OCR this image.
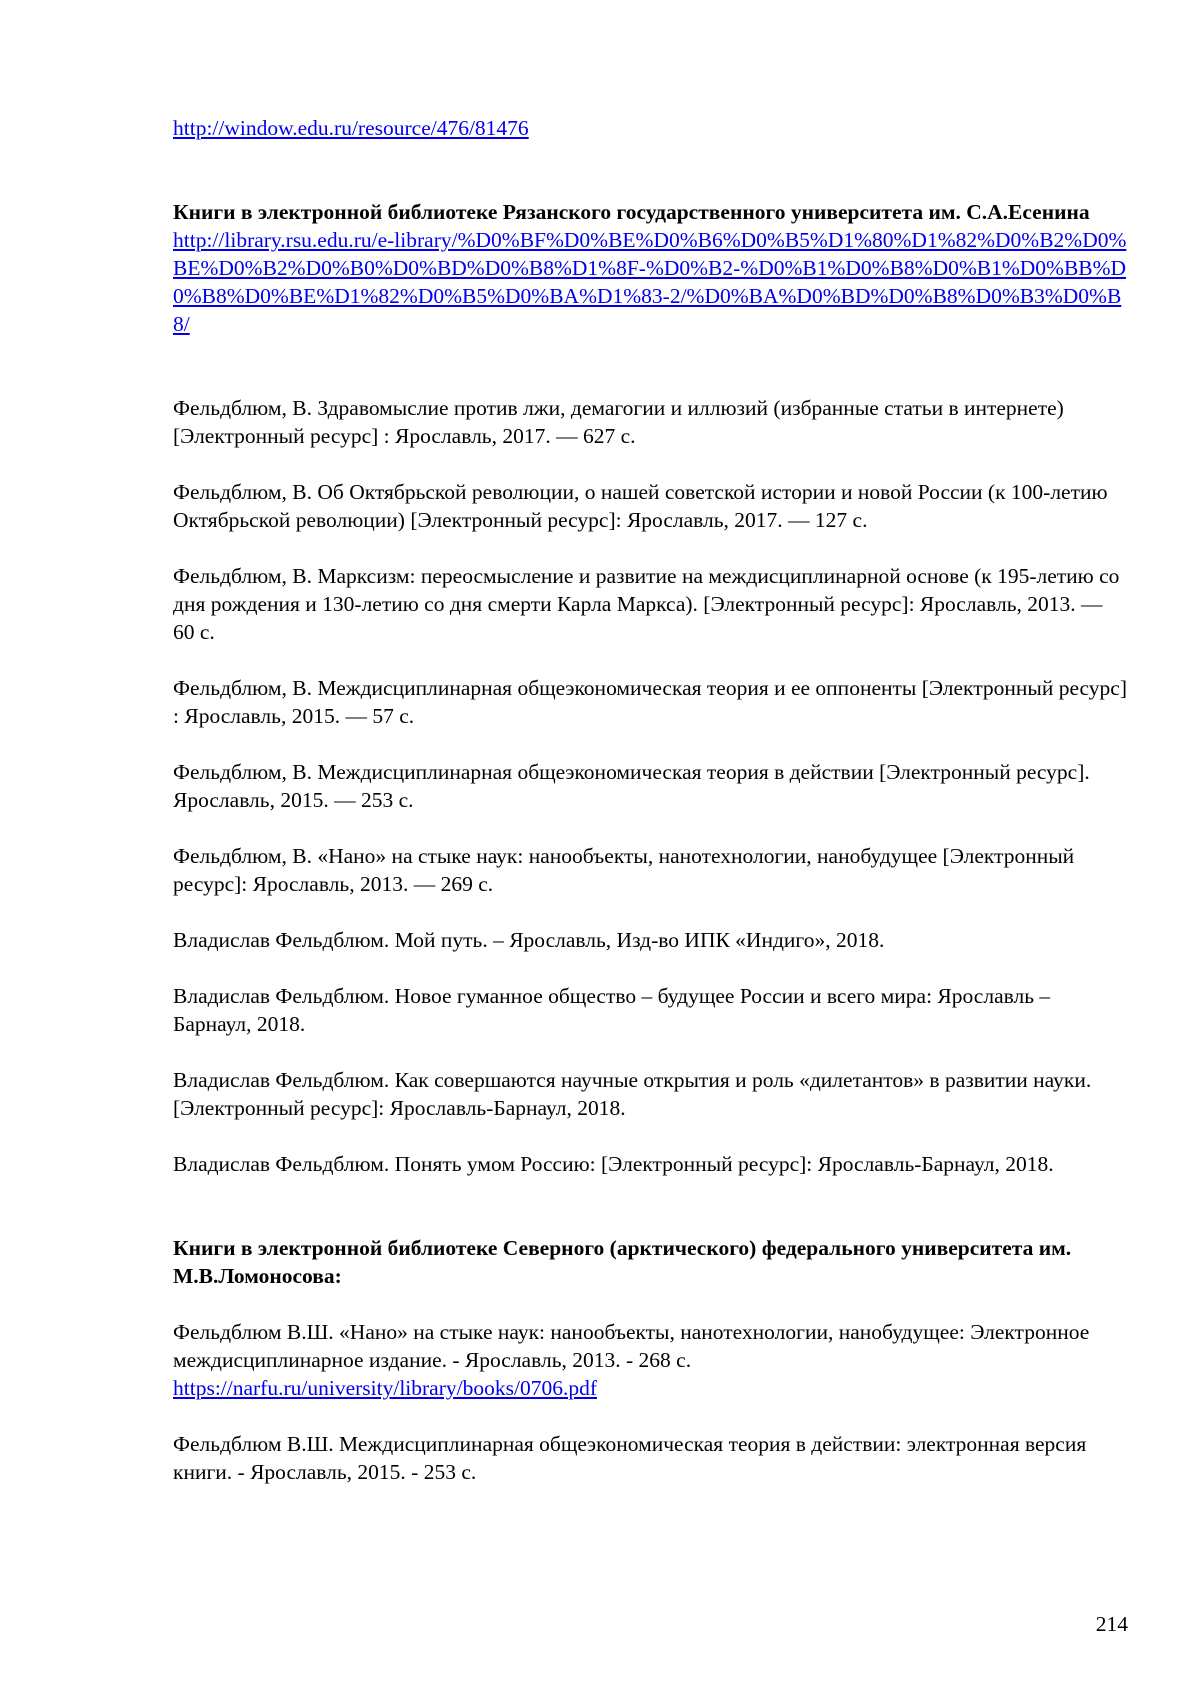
http://window.edu.ru/resource/476/81476

Книги в электронной библиотеке Рязанского государственного университета им. С.А.Есенина

http://library.rsu.edu.ru/e-library/%D0%BF%D0%BE%D0%B6%D0%B5%D1%80%D1%82%D0%B2%D0%BE%D0%B2%D0%B0%D0%BD%D0%B8%D1%8F-%D0%B2-%D0%B1%D0%B8%D0%B1%D0%BB%D0%B8%D0%BE%D1%82%D0%B5%D0%BA%D1%83-2/%D0%BA%D0%BD%D0%B8%D0%B3%D0%B8/

Фельдблюм, В. Здравомыслие против лжи, демагогии и иллюзий (избранные статьи в интернете) [Электронный ресурс] : Ярославль, 2017. — 627 с.

Фельдблюм, В. Об Октябрьской революции, о нашей советской истории и новой России (к 100-летию Октябрьской революции) [Электронный ресурс]: Ярославль, 2017. — 127 с.

Фельдблюм, В. Марксизм: переосмысление и развитие на междисциплинарной основе (к 195-летию со дня рождения и 130-летию со дня смерти Карла Маркса). [Электронный ресурс]: Ярославль, 2013. — 60 с.

Фельдблюм, В. Междисциплинарная общеэкономическая теория и ее оппоненты [Электронный ресурс] : Ярославль, 2015. — 57 с.

Фельдблюм, В. Междисциплинарная общеэкономическая теория в действии [Электронный ресурс]. Ярославль, 2015. — 253 с.

Фельдблюм, В. «Нано» на стыке наук: нанообъекты, нанотехнологии, нанобудущее [Электронный ресурс]: Ярославль, 2013. — 269 с.

Владислав Фельдблюм. Мой путь. – Ярославль, Изд-во ИПК «Индиго», 2018.

Владислав Фельдблюм. Новое гуманное общество – будущее России и всего мира: Ярославль –Барнаул, 2018.

Владислав Фельдблюм. Как совершаются научные открытия и роль «дилетантов» в развитии науки. [Электронный ресурс]: Ярославль-Барнаул, 2018.

Владислав Фельдблюм. Понять умом Россию: [Электронный ресурс]: Ярославль-Барнаул, 2018.

Книги в электронной библиотеке Северного (арктического) федерального университета им. М.В.Ломоносова:

Фельдблюм В.Ш. «Нано» на стыке наук: нанообъекты, нанотехнологии, нанобудущее: Электронное междисциплинарное издание. - Ярославль, 2013. - 268 с.
https://narfu.ru/university/library/books/0706.pdf

Фельдблюм В.Ш. Междисциплинарная общеэкономическая теория в действии: электронная версия книги. - Ярославль, 2015. - 253 с.

214
